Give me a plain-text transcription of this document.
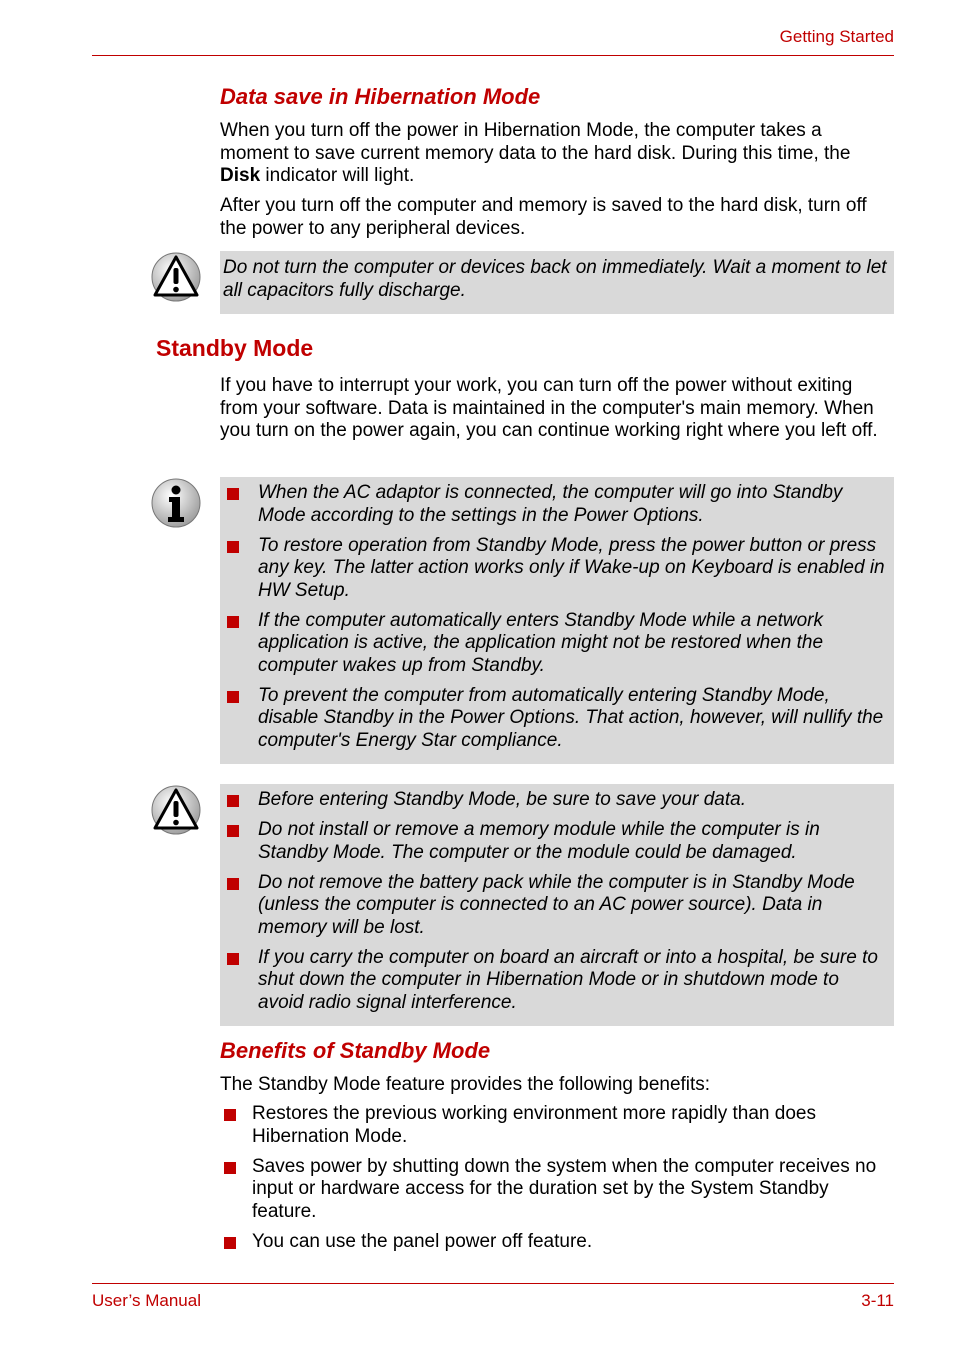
Getting Started
Data save in Hibernation Mode

When you turn off the power in Hibernation Mode, the computer takes a moment to save current memory data to the hard disk. During this time, the Disk indicator will light.

After you turn off the computer and memory is saved to the hard disk, turn off the power to any peripheral devices.

Do not turn the computer or devices back on immediately. Wait a moment to let all capacitors fully discharge.

Standby Mode

If you have to interrupt your work, you can turn off the power without exiting from your software. Data is maintained in the computer's main memory. When you turn on the power again, you can continue working right where you left off.

When the AC adaptor is connected, the computer will go into Standby Mode according to the settings in the Power Options.
To restore operation from Standby Mode, press the power button or press any key. The latter action works only if Wake-up on Keyboard is enabled in HW Setup.
If the computer automatically enters Standby Mode while a network application is active, the application might not be restored when the computer wakes up from Standby.
To prevent the computer from automatically entering Standby Mode, disable Standby in the Power Options. That action, however, will nullify the computer's Energy Star compliance.
Before entering Standby Mode, be sure to save your data.
Do not install or remove a memory module while the computer is in Standby Mode. The computer or the module could be damaged.
Do not remove the battery pack while the computer is in Standby Mode (unless the computer is connected to an AC power source). Data in memory will be lost.
If you carry the computer on board an aircraft or into a hospital, be sure to shut down the computer in Hibernation Mode or in shutdown mode to avoid radio signal interference.
Benefits of Standby Mode

The Standby Mode feature provides the following benefits:

Restores the previous working environment more rapidly than does Hibernation Mode.
Saves power by shutting down the system when the computer receives no input or hardware access for the duration set by the System Standby feature.
You can use the panel power off feature.
User’s Manual	3-11
